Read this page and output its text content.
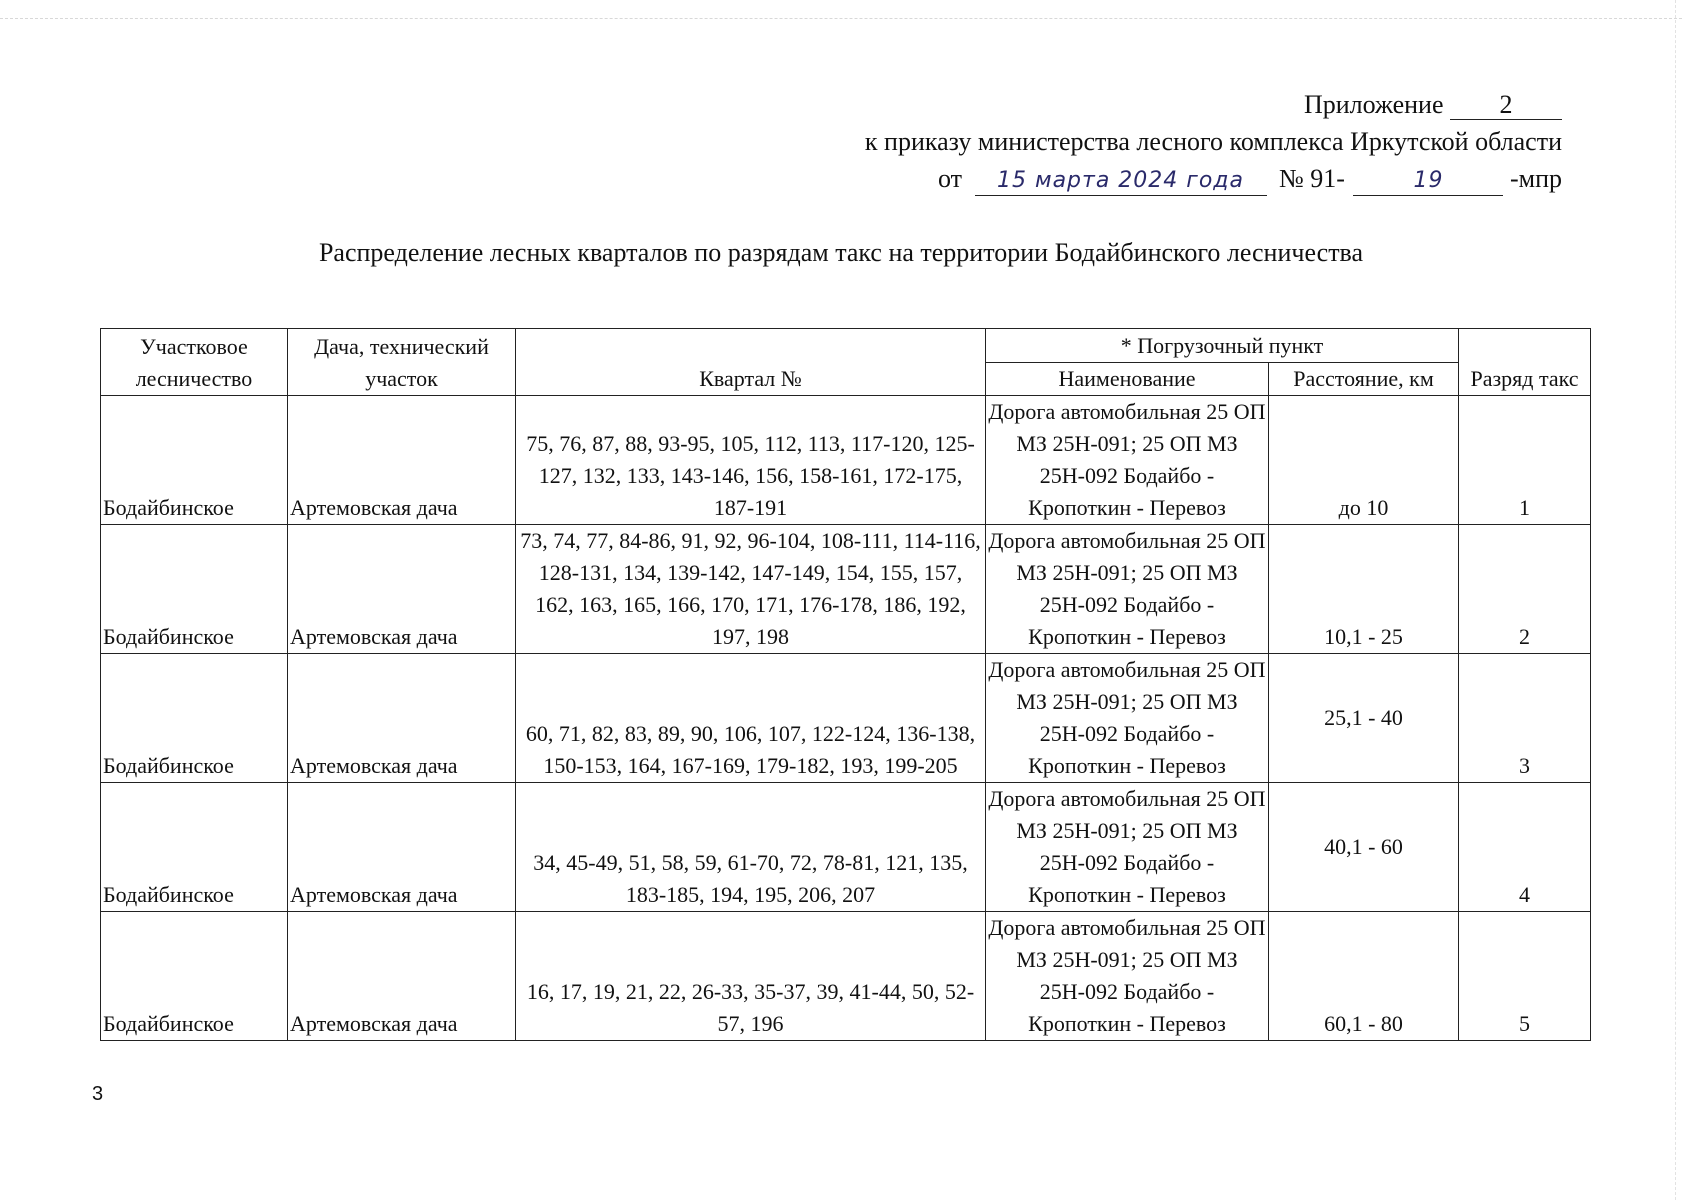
Приложение 2
к приказу министерства лесного комплекса Иркутской области
от 15 марта 2024 года № 91-	19	-мпр
Распределение лесных кварталов по разрядам такс на территории Бодайбинского лесничества
Участковое лесничество	Дача, технический участок	Квартал №	* Погрузочный пункт		Разряд такс
			Наименование	Расстояние, км	
Бодайбинское	Артемовская дача	75, 76, 87, 88, 93-95, 105, 112, 113, 117-120, 125-127, 132, 133, 143-146, 156, 158-161, 172-175, 187-191	Дорога автомобильная 25 ОП МЗ 25Н-091; 25 ОП МЗ 25Н-092 Бодайбо - Кропоткин - Перевоз	до 10	1
Бодайбинское	Артемовская дача	73, 74, 77, 84-86, 91, 92, 96-104, 108-111, 114-116, 128-131, 134, 139-142, 147-149, 154, 155, 157, 162, 163, 165, 166, 170, 171, 176-178, 186, 192, 197, 198	Дорога автомобильная 25 ОП МЗ 25Н-091; 25 ОП МЗ 25Н-092 Бодайбо - Кропоткин - Перевоз	10,1 - 25	2
Бодайбинское	Артемовская дача	60, 71, 82, 83, 89, 90, 106, 107, 122-124, 136-138, 150-153, 164, 167-169, 179-182, 193, 199-205	Дорога автомобильная 25 ОП МЗ 25Н-091; 25 ОП МЗ 25Н-092 Бодайбо - Кропоткин - Перевоз	25,1 - 40	3
Бодайбинское	Артемовская дача	34, 45-49, 51, 58, 59, 61-70, 72, 78-81, 121, 135, 183-185, 194, 195, 206, 207	Дорога автомобильная 25 ОП МЗ 25Н-091; 25 ОП МЗ 25Н-092 Бодайбо - Кропоткин - Перевоз	40,1 - 60	4
Бодайбинское	Артемовская дача	16, 17, 19, 21, 22, 26-33, 35-37, 39, 41-44, 50, 52-57, 196	Дорога автомобильная 25 ОП МЗ 25Н-091; 25 ОП МЗ 25Н-092 Бодайбо - Кропоткин - Перевоз	60,1 - 80	5
3
